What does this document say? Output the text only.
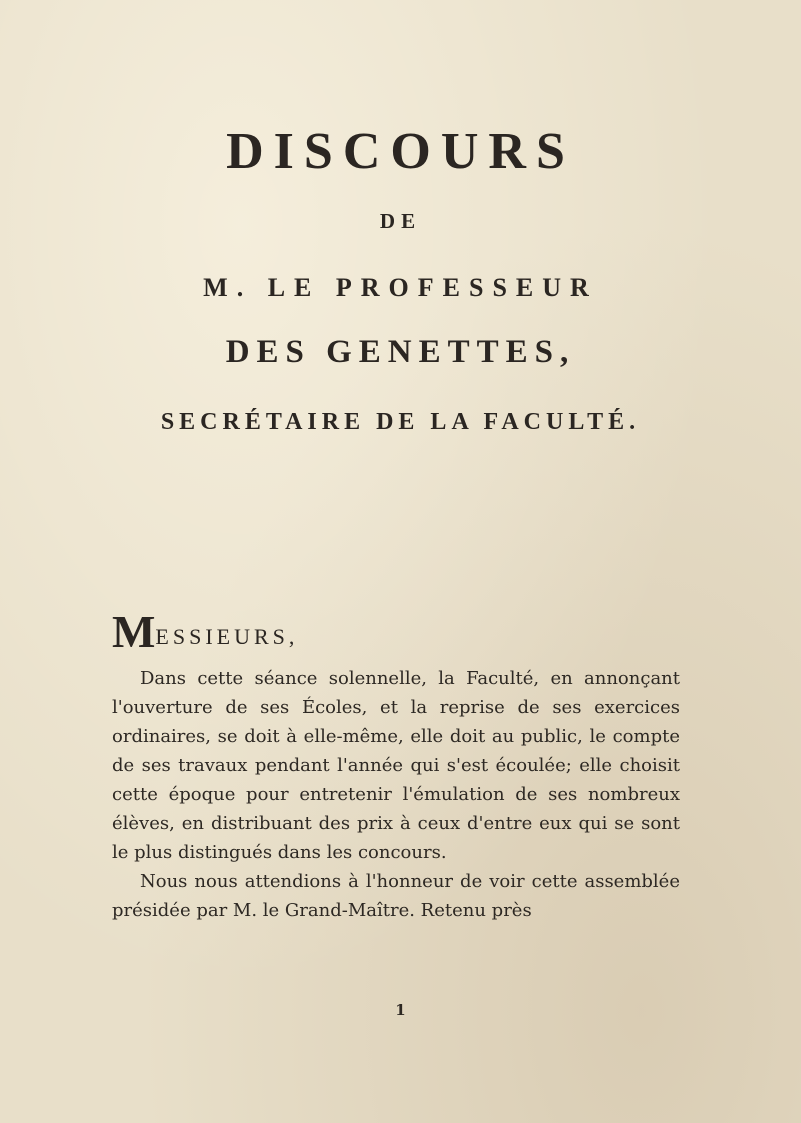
DISCOURS
DE
M. LE PROFESSEUR
DES GENETTES,
SECRÉTAIRE DE LA FACULTÉ.
MESSIEURS,

Dans cette séance solennelle, la Faculté, en annonçant l'ouverture de ses Écoles, et la reprise de ses exercices ordinaires, se doit à elle-même, elle doit au public, le compte de ses travaux pendant l'année qui s'est écoulée; elle choisit cette époque pour entretenir l'émulation de ses nombreux élèves, en distribuant des prix à ceux d'entre eux qui se sont le plus distingués dans les concours.

Nous nous attendions à l'honneur de voir cette assemblée présidée par M. le Grand-Maître. Retenu près

1
